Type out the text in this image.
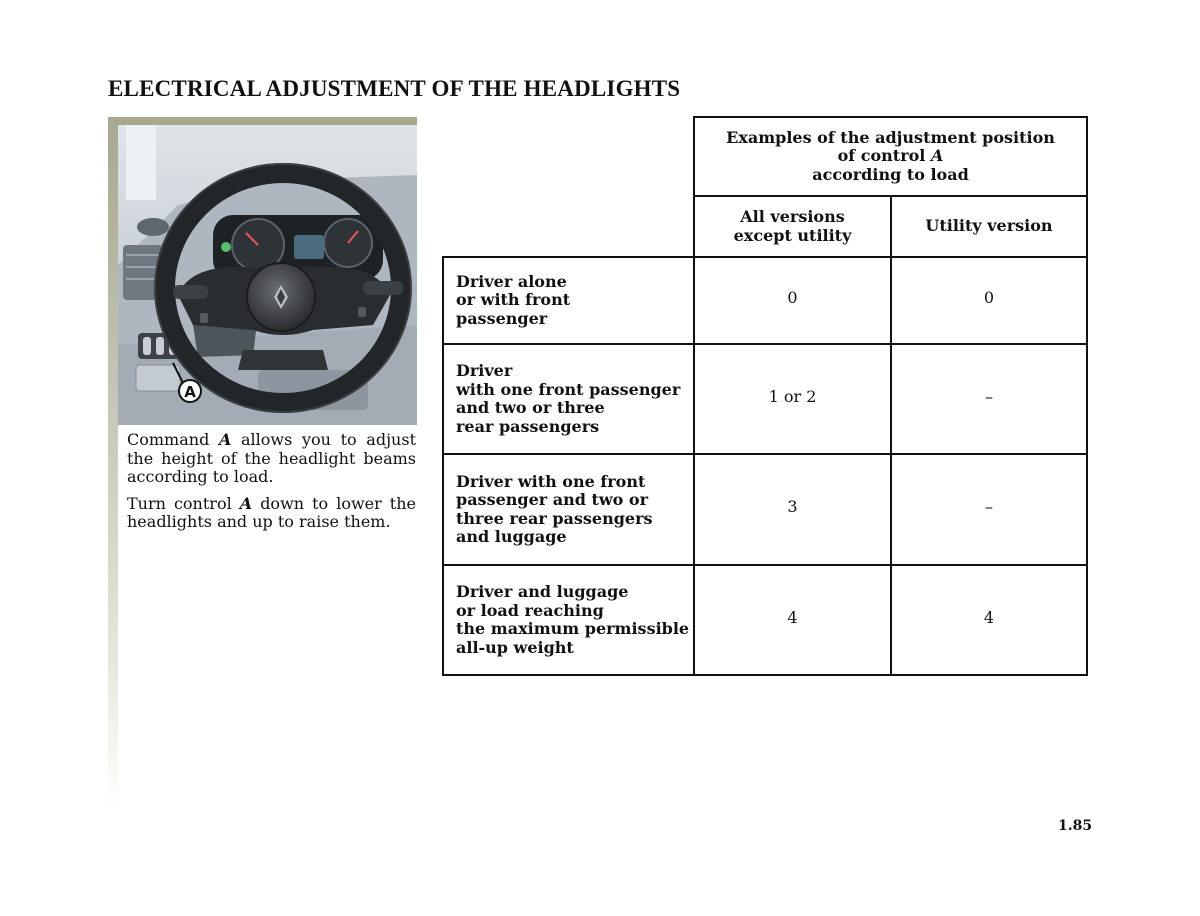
ELECTRICAL ADJUSTMENT OF THE HEADLIGHTS
A

Command A allows you to adjust the height of the headlight beams according to load.

Turn control A down to lower the headlights and up to raise them.

	Examples of the adjustment position
of control A
according to load	

	All versions
except utility	Utility version

Driver alone
or with front
passenger	0	0

Driver
with one front passenger
and two or three
rear passengers	1 or 2	–

Driver with one front
passenger and two or
three rear passengers
and luggage	3	–

Driver and luggage
or load reaching
the maximum permissible
all-up weight	4	4
1.85
